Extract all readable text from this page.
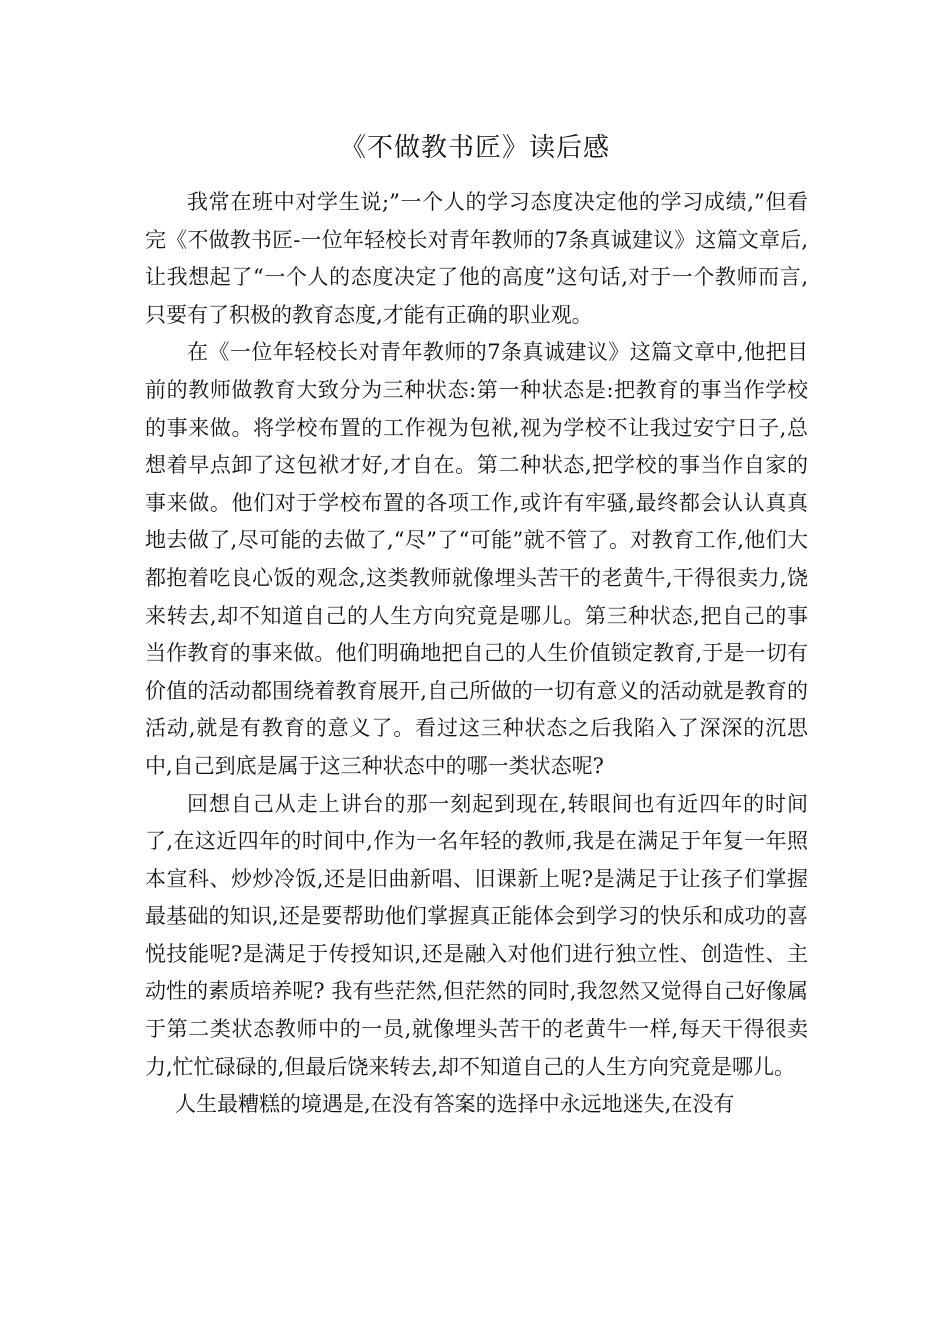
《不做教书匠》读后感

我常在班中对学生说;”一个人的学习态度决定他的学习成绩,”但看完《不做教书匠-一位年轻校长对青年教师的7条真诚建议》这篇文章后,让我想起了“一个人的态度决定了他的高度”这句话,对于一个教师而言,只要有了积极的教育态度,才能有正确的职业观。

在《一位年轻校长对青年教师的7条真诚建议》这篇文章中,他把目前的教师做教育大致分为三种状态:第一种状态是:把教育的事当作学校的事来做。将学校布置的工作视为包袱,视为学校不让我过安宁日子,总想着早点卸了这包袱才好,才自在。第二种状态,把学校的事当作自家的事来做。他们对于学校布置的各项工作,或许有牢骚,最终都会认认真真地去做了,尽可能的去做了,“尽”了“可能”就不管了。对教育工作,他们大都抱着吃良心饭的观念,这类教师就像埋头苦干的老黄牛,干得很卖力,饶来转去,却不知道自己的人生方向究竟是哪儿。第三种状态,把自己的事当作教育的事来做。他们明确地把自己的人生价值锁定教育,于是一切有价值的活动都围绕着教育展开,自己所做的一切有意义的活动就是教育的活动,就是有教育的意义了。看过这三种状态之后我陷入了深深的沉思中,自己到底是属于这三种状态中的哪一类状态呢?

回想自己从走上讲台的那一刻起到现在,转眼间也有近四年的时间了,在这近四年的时间中,作为一名年轻的教师,我是在满足于年复一年照本宣科、炒炒冷饭,还是旧曲新唱、旧课新上呢?是满足于让孩子们掌握最基础的知识,还是要帮助他们掌握真正能体会到学习的快乐和成功的喜悦技能呢?是满足于传授知识,还是融入对他们进行独立性、创造性、主动性的素质培养呢? 我有些茫然,但茫然的同时,我忽然又觉得自己好像属于第二类状态教师中的一员,就像埋头苦干的老黄牛一样,每天干得很卖力,忙忙碌碌的,但最后饶来转去,却不知道自己的人生方向究竟是哪儿。

人生最糟糕的境遇是,在没有答案的选择中永远地迷失,在没有
